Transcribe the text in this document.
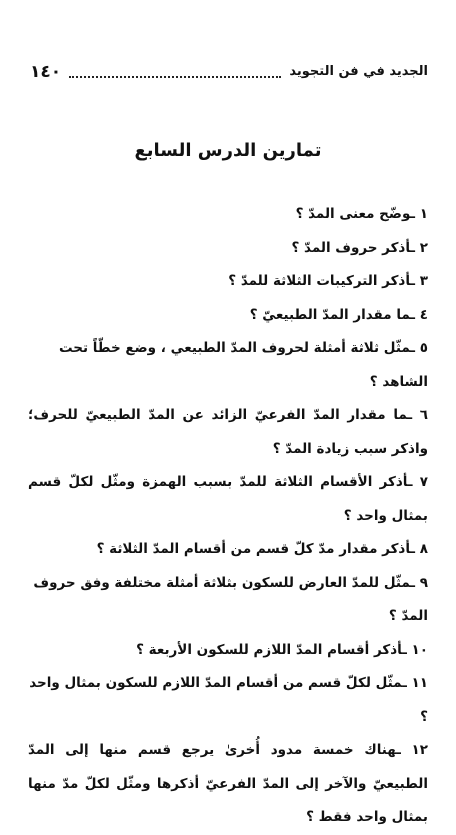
١٤٠	الجديد في فن التجويد
تمارين الدرس السابع

١ ـوضّح معنى المدّ ؟

٢ ـأذكر حروف المدّ ؟

٣ ـأذكر التركيبات الثلاثة للمدّ ؟

٤ ـما مقدار المدّ الطبيعيّ ؟

٥ ـمثّل ثلاثة أمثلة لحروف المدّ الطبيعي ، وضع خطّاً تحت الشاهد ؟

٦ ـما مقدار المدّ الفرعيّ الزائد عن المدّ الطبيعيّ للحرف؛ واذكر سبب زيادة المدّ ؟

٧ ـأذكر الأقسام الثلاثة للمدّ بسبب الهمزة ومثّل لكلّ قسم بمثال واحد ؟

٨ ـأذكر مقدار مدّ كلّ قسم من أقسام المدّ الثلاثة ؟

٩ ـمثّل للمدّ العارض للسكون بثلاثة أمثلة مختلفة وفق حروف المدّ ؟

١٠ ـأذكر أقسام المدّ اللازم للسكون الأربعة ؟

١١ ـمثّل لكلّ قسم من أقسام المدّ اللازم للسكون بمثال واحد ؟

١٢ ـهناك خمسة مدود أُخرىٰ يرجع قسم منها إلى المدّ الطبيعيّ والآخر إلى المدّ الفرعيّ أذكرها ومثّل لكلّ مدّ منها بمثال واحد فقط ؟
